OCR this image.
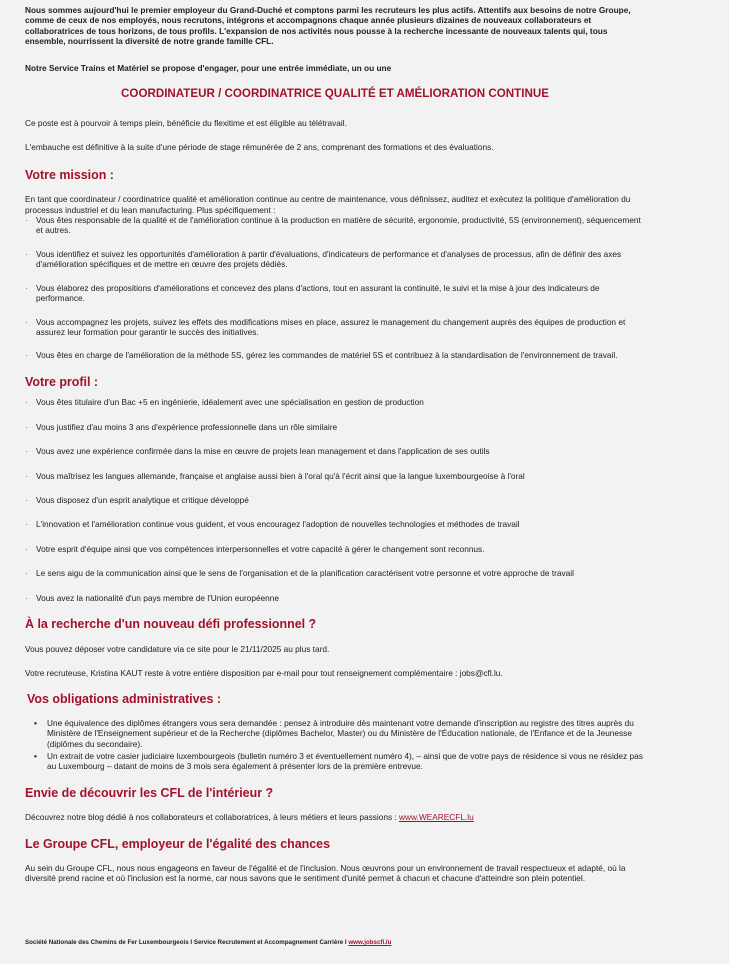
Nous sommes aujourd'hui le premier employeur du Grand-Duché et comptons parmi les recruteurs les plus actifs. Attentifs aux besoins de notre Groupe, comme de ceux de nos employés, nous recrutons, intégrons et accompagnons chaque année plusieurs dizaines de nouveaux collaborateurs et collaboratrices de tous horizons, de tous profils. L'expansion de nos activités nous pousse à la recherche incessante de nouveaux talents qui, tous ensemble, nourrissent la diversité de notre grande famille CFL.

Notre Service Trains et Matériel se propose d'engager, pour une entrée immédiate, un ou une

COORDINATEUR / COORDINATRICE QUALITÉ ET AMÉLIORATION CONTINUE

Ce poste est à pourvoir à temps plein, bénéficie du flexitime et est éligible au télétravail.

L'embauche est définitive à la suite d'une période de stage rémunérée de 2 ans, comprenant des formations et des évaluations.

Votre mission :

En tant que coordinateur / coordinatrice qualité et amélioration continue au centre de maintenance, vous définissez, auditez et exécutez la politique d'amélioration du processus industriel et du lean manufacturing. Plus spécifiquement :

· Vous êtes responsable de la qualité et de l'amélioration continue à la production en matière de sécurité, ergonomie, productivité, 5S (environnement), séquencement et autres.
· Vous identifiez et suivez les opportunités d'amélioration à partir d'évaluations, d'indicateurs de performance et d'analyses de processus, afin de définir des axes d'amélioration spécifiques et de mettre en œuvre des projets dédiés.
· Vous élaborez des propositions d'améliorations et concevez des plans d'actions, tout en assurant la continuité, le suivi et la mise à jour des indicateurs de performance.
· Vous accompagnez les projets, suivez les effets des modifications mises en place, assurez le management du changement auprès des équipes de production et assurez leur formation pour garantir le succès des initiatives.
· Vous êtes en charge de l'amélioration de la méthode 5S, gérez les commandes de matériel 5S et contribuez à la standardisation de l'environnement de travail.
Votre profil :
· Vous êtes titulaire d'un Bac +5 en ingénierie, idéalement avec une spécialisation en gestion de production
· Vous justifiez d'au moins 3 ans d'expérience professionnelle dans un rôle similaire
· Vous avez une expérience confirmée dans la mise en œuvre de projets lean management et dans l'application de ses outils
· Vous maîtrisez les langues allemande, française et anglaise aussi bien à l'oral qu'à l'écrit ainsi que la langue luxembourgeoise à l'oral
· Vous disposez d'un esprit analytique et critique développé
· L'innovation et l'amélioration continue vous guident, et vous encouragez l'adoption de nouvelles technologies et méthodes de travail
· Votre esprit d'équipe ainsi que vos compétences interpersonnelles et votre capacité à gérer le changement sont reconnus.
· Le sens aigu de la communication ainsi que le sens de l'organisation et de la planification caractérisent votre personne et votre approche de travail
· Vous avez la nationalité d'un pays membre de l'Union européenne
À la recherche d'un nouveau défi professionnel ?

Vous pouvez déposer votre candidature via ce site pour le 21/11/2025 au plus tard.

Votre recruteuse, Kristina KAUT reste à votre entière disposition par e-mail pour tout renseignement complémentaire : jobs@cfl.lu.

Vos obligations administratives :
• Une équivalence des diplômes étrangers vous sera demandée : pensez à introduire dès maintenant votre demande d'inscription au registre des titres auprès du Ministère de l'Enseignement supérieur et de la Recherche (diplômes Bachelor, Master) ou du Ministère de l'Éducation nationale, de l'Enfance et de la Jeunesse (diplômes du secondaire).
• Un extrait de votre casier judiciaire luxembourgeois (bulletin numéro 3 et éventuellement numéro 4), – ainsi que de votre pays de résidence si vous ne résidez pas au Luxembourg – datant de moins de 3 mois sera également à présenter lors de la première entrevue.
Envie de découvrir les CFL de l'intérieur ?

Découvrez notre blog dédié à nos collaborateurs et collaboratrices, à leurs métiers et leurs passions : www.WEARECFL.lu

Le Groupe CFL, employeur de l'égalité des chances

Au sein du Groupe CFL, nous nous engageons en faveur de l'égalité et de l'inclusion. Nous œuvrons pour un environnement de travail respectueux et adapté, où la diversité prend racine et où l'inclusion est la norme, car nous savons que le sentiment d'unité permet à chacun et chacune d'atteindre son plein potentiel.

Société Nationale des Chemins de Fer Luxembourgeois I Service Recrutement et Accompagnement Carrière I www.jobscfl.lu
